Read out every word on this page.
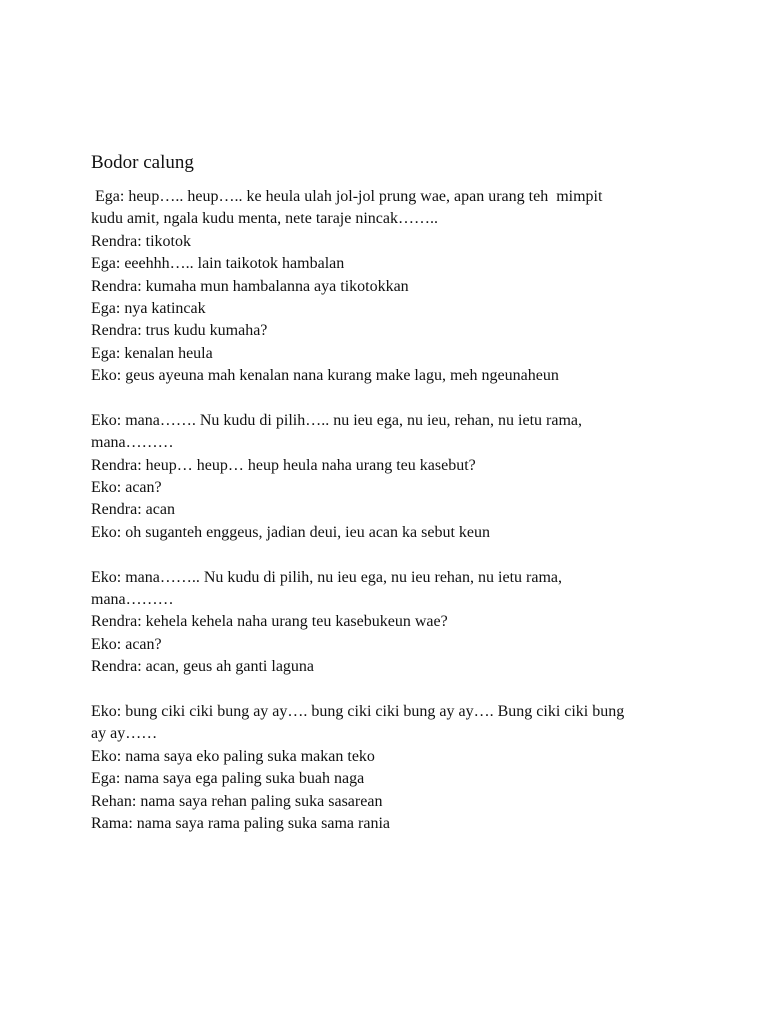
Bodor calung
Ega: heup….. heup….. ke heula ulah jol-jol prung wae, apan urang teh  mimpit
kudu amit, ngala kudu menta, nete taraje nincak……..
Rendra: tikotok
Ega: eeehhh….. lain taikotok hambalan
Rendra: kumaha mun hambalanna aya tikotokkan
Ega: nya katincak
Rendra: trus kudu kumaha?
Ega: kenalan heula
Eko: geus ayeuna mah kenalan nana kurang make lagu, meh ngeunaheun
Eko: mana……. Nu kudu di pilih….. nu ieu ega, nu ieu, rehan, nu ietu rama,
mana………
Rendra: heup… heup… heup heula naha urang teu kasebut?
Eko: acan?
Rendra: acan
Eko: oh suganteh enggeus, jadian deui, ieu acan ka sebut keun
Eko: mana…….. Nu kudu di pilih, nu ieu ega, nu ieu rehan, nu ietu rama,
mana………
Rendra: kehela kehela naha urang teu kasebukeun wae?
Eko: acan?
Rendra: acan, geus ah ganti laguna
Eko: bung ciki ciki bung ay ay…. bung ciki ciki bung ay ay…. Bung ciki ciki bung
ay ay……
Eko: nama saya eko paling suka makan teko
Ega: nama saya ega paling suka buah naga
Rehan: nama saya rehan paling suka sasarean
Rama: nama saya rama paling suka sama rania
